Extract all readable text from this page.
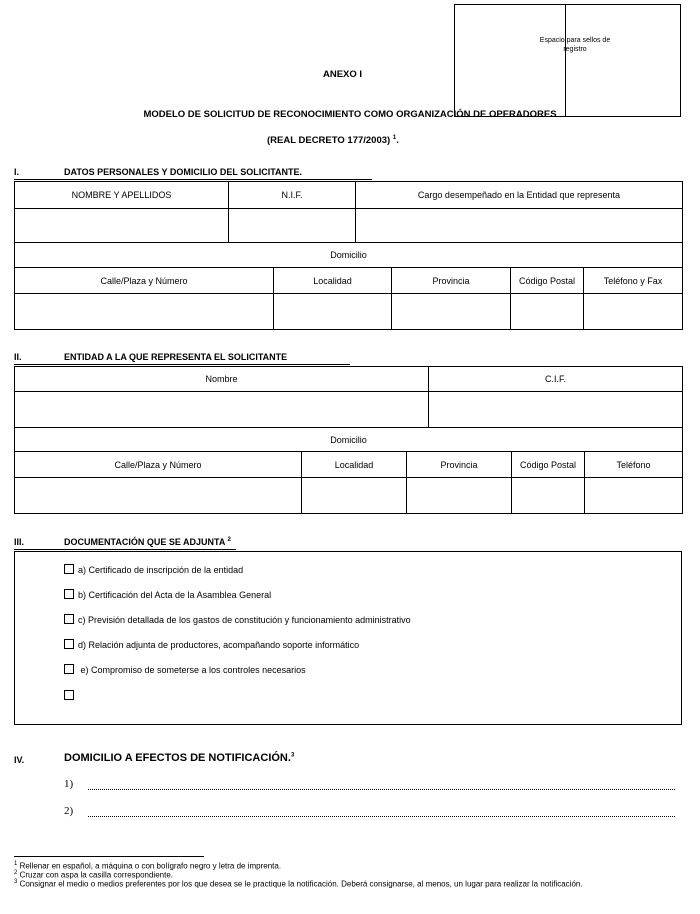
Espacio para sellos de registro
ANEXO I
MODELO DE SOLICITUD DE RECONOCIMIENTO COMO ORGANIZACIÓN DE OPERADORES
(REAL DECRETO 177/2003) $^1$.
I.	DATOS PERSONALES Y DOMICILIO DEL SOLICITANTE.
NOMBRE Y APELLIDOS	N.I.F.	Cargo desempeñado en la Entidad que representa

Domicilio				
Calle/Plaza y Número	Localidad	Provincia	Código Postal	Teléfono y Fax

II.	ENTIDAD A LA QUE REPRESENTA EL SOLICITANTE
Nombre	C.I.F.

Domicilio				
Calle/Plaza y Número	Localidad	Provincia	Código Postal	Teléfono

III.	DOCUMENTACIÓN QUE SE ADJUNTA $^2$
a) Certificado de inscripción de la entidad
b) Certificación del Acta de la Asamblea General
c) Previsión detallada de los gastos de constitución y funcionamiento administrativo
d) Relación adjunta de productores, acompañando soporte informático
e) Compromiso de someterse a los controles necesarios
IV.	DOMICILIO A EFECTOS DE NOTIFICACIÓN.$^3$
1)
2)
$^1$ Rellenar en español, a máquina o con bolígrafo negro y letra de imprenta.
$^2$ Cruzar con aspa la casilla correspondiente.
$^3$ Consignar el medio o medios preferentes por los que desea se le practique la notificación. Deberá consignarse, al menos, un lugar para realizar la notificación.
